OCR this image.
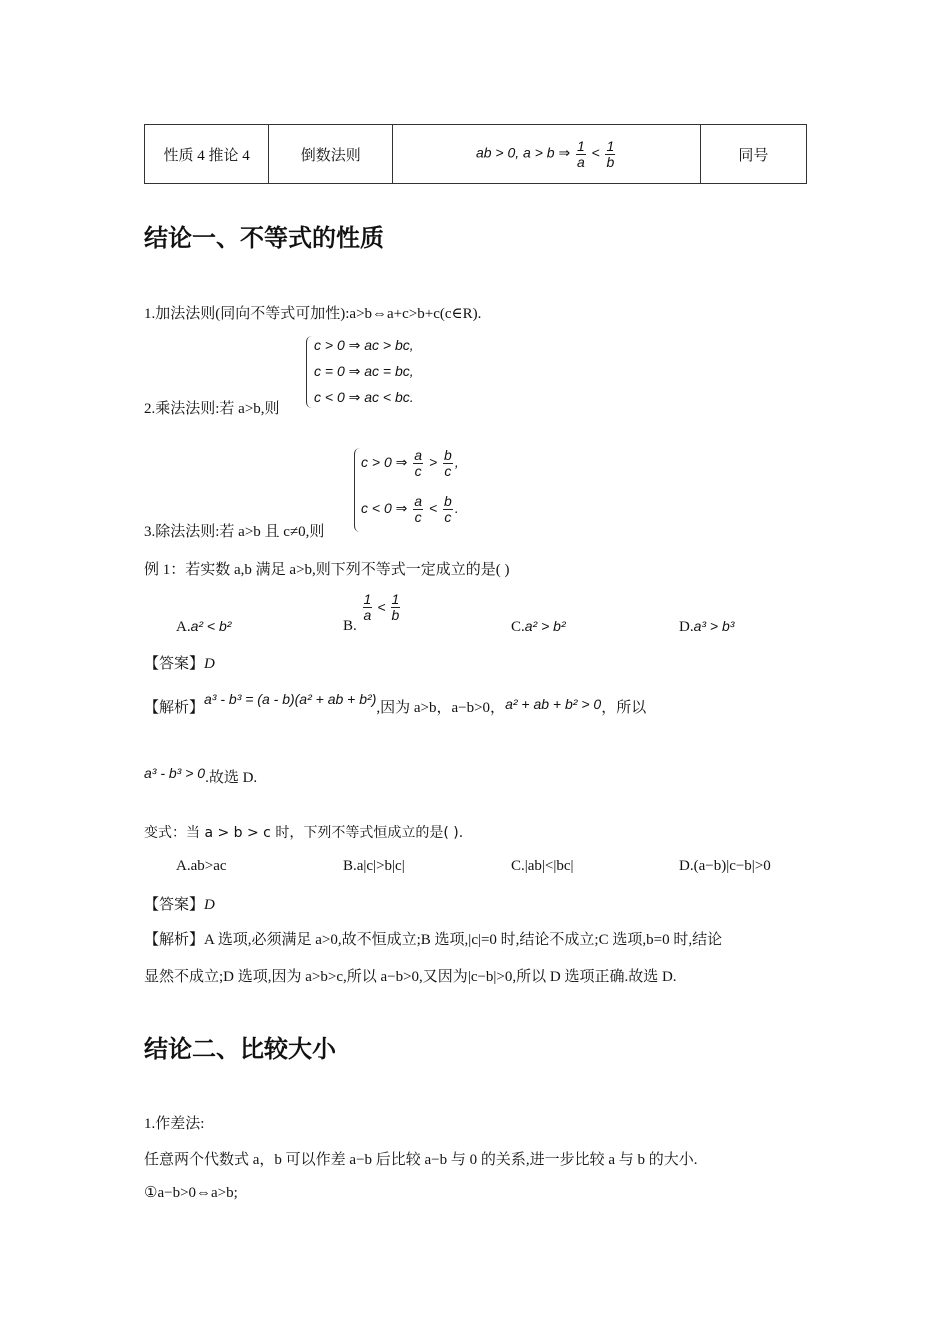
性质 4 推论 4	倒数法则	ab > 0, a > b ⇒ $\frac{1}{a} < \frac{1}{b}$	同号
结论一、不等式的性质
1.加法法则(同向不等式可加性):a>b⇔a+c>b+c(c∈R).
2.乘法法则:若 a>b,则
c > 0 ⇒ ac > bc,
c = 0 ⇒ ac = bc,
c < 0 ⇒ ac < bc.
3.除法法则:若 a>b 且 c≠0,则
c > 0 ⇒ $\frac{a}{c} > \frac{b}{c}$ ,
c < 0 ⇒ $\frac{a}{c} < \frac{b}{c}$ .
例 1：若实数 a,b 满足 a>b,则下列不等式一定成立的是( )
A.a² < b²	B.
$\frac{1}{a} < \frac{1}{b}$
C.a² > b²	D.a³ > b³
【答案】D
【解析】a³ - b³ = (a - b)(a² + ab + b²),因为 a>b，a−b>0，a² + ab + b² > 0，所以
a³ - b³ > 0.故选 D.
变式：当 a > b > c 时，下列不等式恒成立的是( ).
A.ab>ac	B.a|c|>b|c|	C.|ab|<|bc|	D.(a−b)|c−b|>0
【答案】D
【解析】A 选项,必须满足 a>0,故不恒成立;B 选项,|c|=0 时,结论不成立;C 选项,b=0 时,结论
显然不成立;D 选项,因为 a>b>c,所以 a−b>0,又因为|c−b|>0,所以 D 选项正确.故选 D.
结论二、比较大小
1.作差法:
任意两个代数式 a，b 可以作差 a−b 后比较 a−b 与 0 的关系,进一步比较 a 与 b 的大小.
①a−b>0⇔a>b;
